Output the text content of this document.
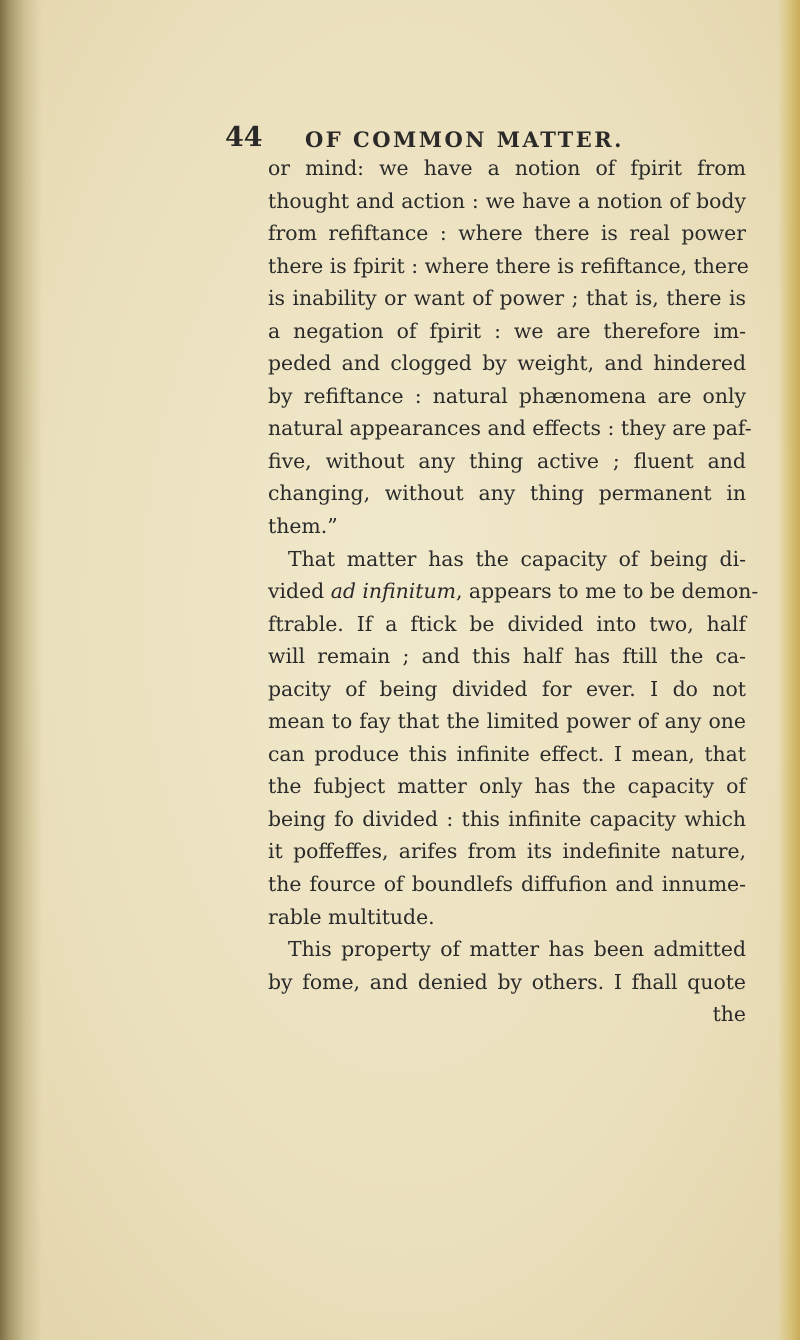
44 OF COMMON MATTER.
or mind: we have a notion of fpirit from
thought and action : we have a notion of body
from refiftance : where there is real power
there is fpirit : where there is refiftance, there
is inability or want of power ; that is, there is
a negation of fpirit : we are therefore im-
peded and clogged by weight, and hindered
by refiftance : natural phænomena are only
natural appearances and effects : they are paf-
five, without any thing active ; fluent and
changing, without any thing permanent in
them.”
That matter has the capacity of being di-
vided ad infinitum, appears to me to be demon-
ftrable. If a ftick be divided into two, half
will remain ; and this half has ftill the ca-
pacity of being divided for ever. I do not
mean to fay that the limited power of any one
can produce this infinite effect. I mean, that
the fubject matter only has the capacity of
being fo divided : this infinite capacity which
it poffeffes, arifes from its indefinite nature,
the fource of boundlefs diffufion and innume-
rable multitude.
This property of matter has been admitted
by fome, and denied by others. I fhall quote
the
